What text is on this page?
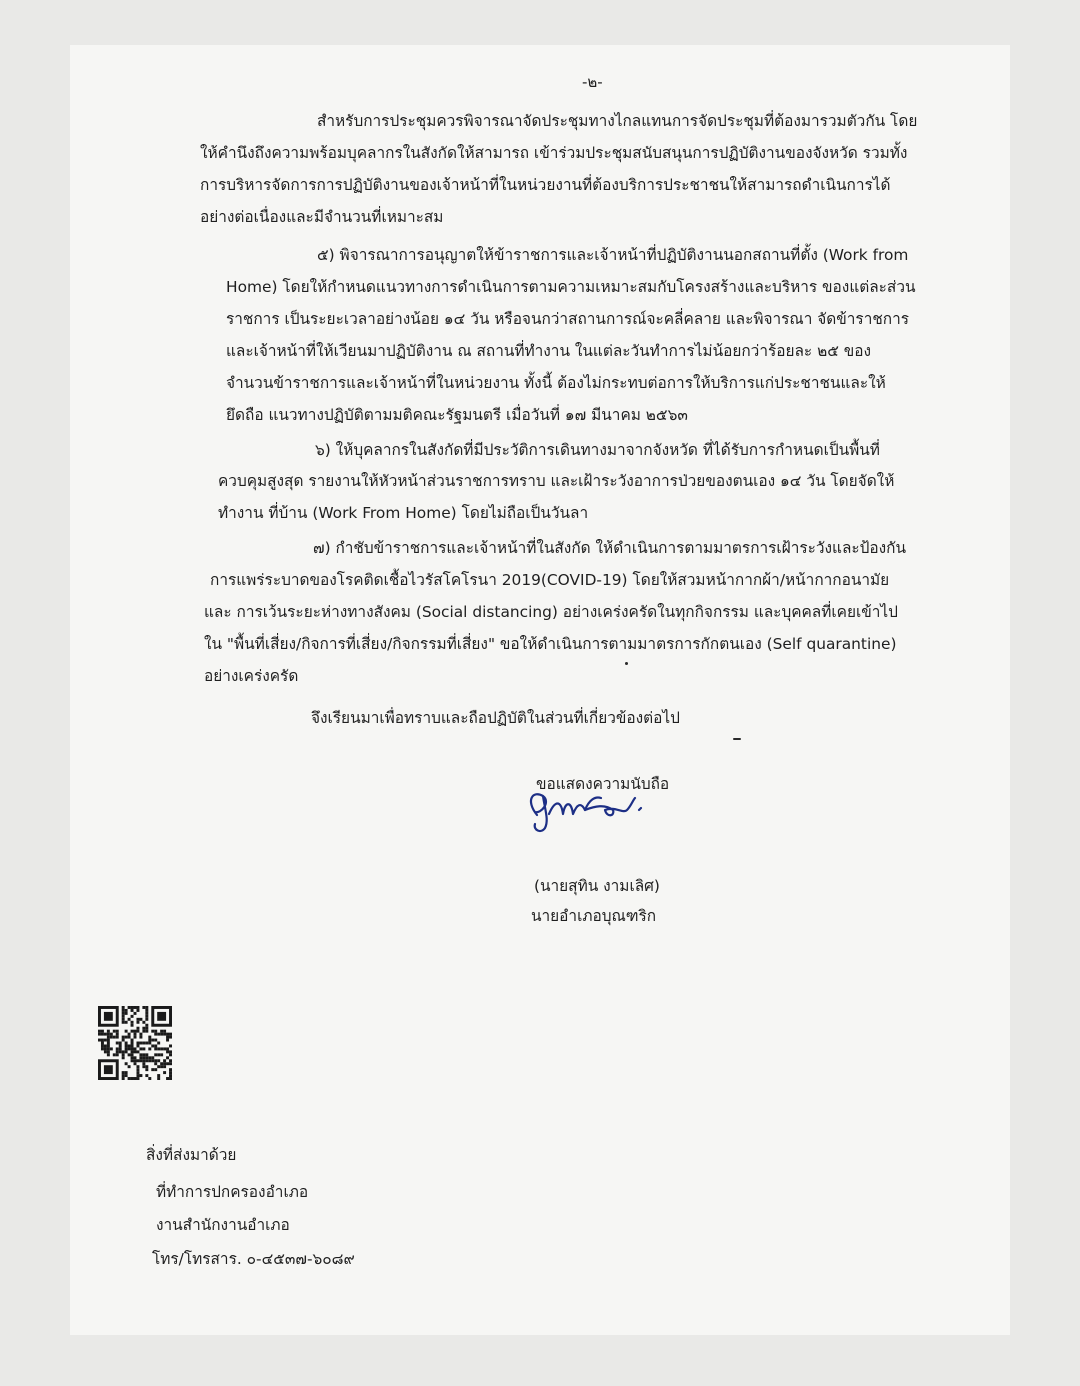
-๒-
สำหรับการประชุมควรพิจารณาจัดประชุมทางไกลแทนการจัดประชุมที่ต้องมารวมตัวกัน โดย
ให้คำนึงถึงความพร้อมบุคลากรในสังกัดให้สามารถ เข้าร่วมประชุมสนับสนุนการปฏิบัติงานของจังหวัด รวมทั้ง
การบริหารจัดการการปฏิบัติงานของเจ้าหน้าที่ในหน่วยงานที่ต้องบริการประชาชนให้สามารถดำเนินการได้
อย่างต่อเนื่องและมีจำนวนที่เหมาะสม
๕) พิจารณาการอนุญาตให้ข้าราชการและเจ้าหน้าที่ปฏิบัติงานนอกสถานที่ตั้ง (Work from
Home) โดยให้กำหนดแนวทางการดำเนินการตามความเหมาะสมกับโครงสร้างและบริหาร ของแต่ละส่วน
ราชการ เป็นระยะเวลาอย่างน้อย ๑๔ วัน หรือจนกว่าสถานการณ์จะคลี่คลาย และพิจารณา จัดข้าราชการ
และเจ้าหน้าที่ให้เวียนมาปฏิบัติงาน ณ สถานที่ทำงาน ในแต่ละวันทำการไม่น้อยกว่าร้อยละ ๒๕ ของ
จำนวนข้าราชการและเจ้าหน้าที่ในหน่วยงาน ทั้งนี้ ต้องไม่กระทบต่อการให้บริการแก่ประชาชนและให้
ยึดถือ แนวทางปฏิบัติตามมติคณะรัฐมนตรี เมื่อวันที่ ๑๗ มีนาคม ๒๕๖๓
๖) ให้บุคลากรในสังกัดที่มีประวัติการเดินทางมาจากจังหวัด ที่ได้รับการกำหนดเป็นพื้นที่
ควบคุมสูงสุด รายงานให้หัวหน้าส่วนราชการทราบ และเฝ้าระวังอาการป่วยของตนเอง ๑๔ วัน โดยจัดให้
ทำงาน ที่บ้าน (Work From Home) โดยไม่ถือเป็นวันลา
๗) กำชับข้าราชการและเจ้าหน้าที่ในสังกัด ให้ดำเนินการตามมาตรการเฝ้าระวังและป้องกัน
การแพร่ระบาดของโรคติดเชื้อไวรัสโคโรนา 2019(COVID-19) โดยให้สวมหน้ากากผ้า/หน้ากากอนามัย
และ การเว้นระยะห่างทางสังคม (Social distancing) อย่างเคร่งครัดในทุกกิจกรรม และบุคคลที่เคยเข้าไป
ใน "พื้นที่เสี่ยง/กิจการที่เสี่ยง/กิจกรรมที่เสี่ยง" ขอให้ดำเนินการตามมาตรการกักตนเอง (Self quarantine)
อย่างเคร่งครัด
จึงเรียนมาเพื่อทราบและถือปฏิบัติในส่วนที่เกี่ยวข้องต่อไป
ขอแสดงความนับถือ
(นายสุทิน งามเลิศ)
นายอำเภอบุณฑริก
สิ่งที่ส่งมาด้วย
ที่ทำการปกครองอำเภอ
งานสำนักงานอำเภอ
โทร/โทรสาร. ๐-๔๕๓๗-๖๐๘๙
